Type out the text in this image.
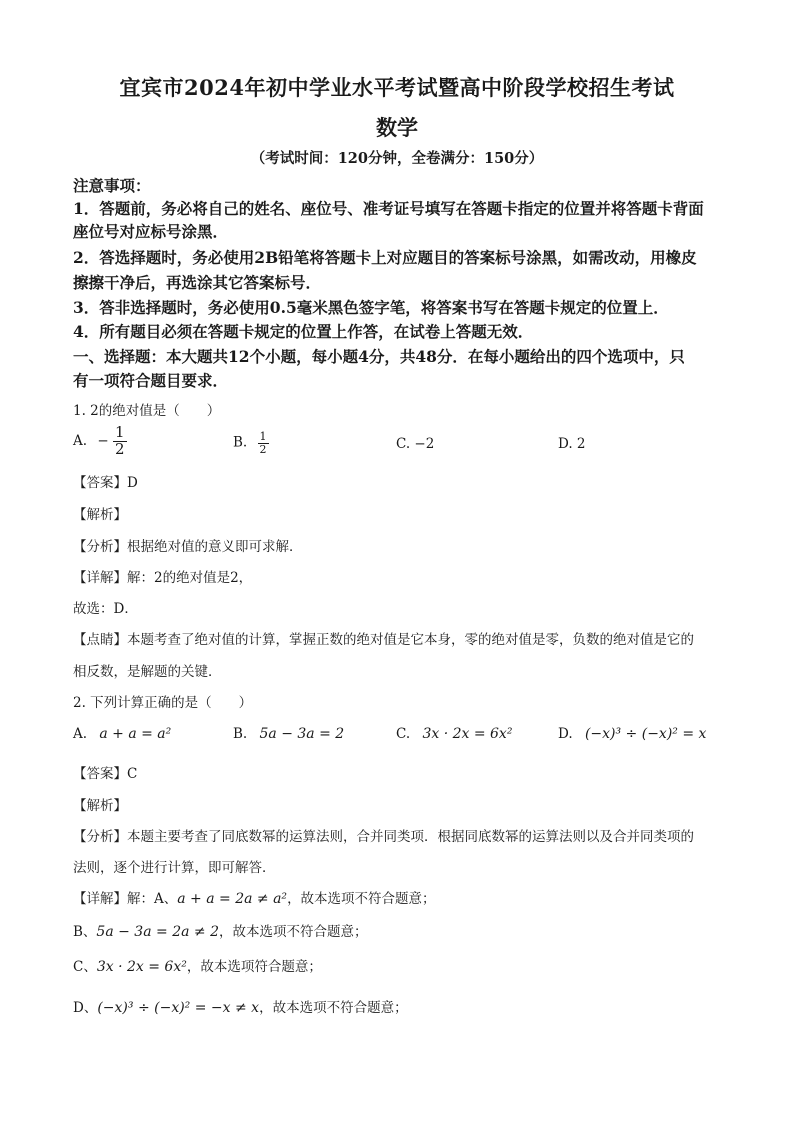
宜宾市2024年初中学业水平考试暨高中阶段学校招生考试
数学
（考试时间：120分钟，全卷满分：150分）
注意事项：
1．答题前，务必将自己的姓名、座位号、准考证号填写在答题卡指定的位置并将答题卡背面
座位号对应标号涂黑．
2．答选择题时，务必使用2B铅笔将答题卡上对应题目的答案标号涂黑，如需改动，用橡皮
擦擦干净后，再选涂其它答案标号．
3．答非选择题时，务必使用0.5毫米黑色签字笔，将答案书写在答题卡规定的位置上．
4．所有题目必须在答题卡规定的位置上作答，在试卷上答题无效．
一、选择题：本大题共12个小题，每小题4分，共48分．在每小题给出的四个选项中，只
有一项符合题目要求．
1. 2的绝对值是（　　）
A. − $\frac{1}{2}$	B. $\frac{1}{2}$	C. −2	D. 2
【答案】D
【解析】
【分析】根据绝对值的意义即可求解．
【详解】解：2的绝对值是2，
故选：D．
【点睛】本题考查了绝对值的计算，掌握正数的绝对值是它本身，零的绝对值是零，负数的绝对值是它的
相反数，是解题的关键．
2. 下列计算正确的是（　　）
A. a + a = a²	B. 5a − 3a = 2	C. 3x · 2x = 6x²	D. (−x)³ ÷ (−x)² = x
【答案】C
【解析】
【分析】本题主要考查了同底数幂的运算法则，合并同类项．根据同底数幂的运算法则以及合并同类项的
法则，逐个进行计算，即可解答．
【详解】解：A、a + a = 2a ≠ a²，故本选项不符合题意；
B、5a − 3a = 2a ≠ 2，故本选项不符合题意；
C、3x · 2x = 6x²，故本选项符合题意；
D、(−x)³ ÷ (−x)² = −x ≠ x，故本选项不符合题意；
